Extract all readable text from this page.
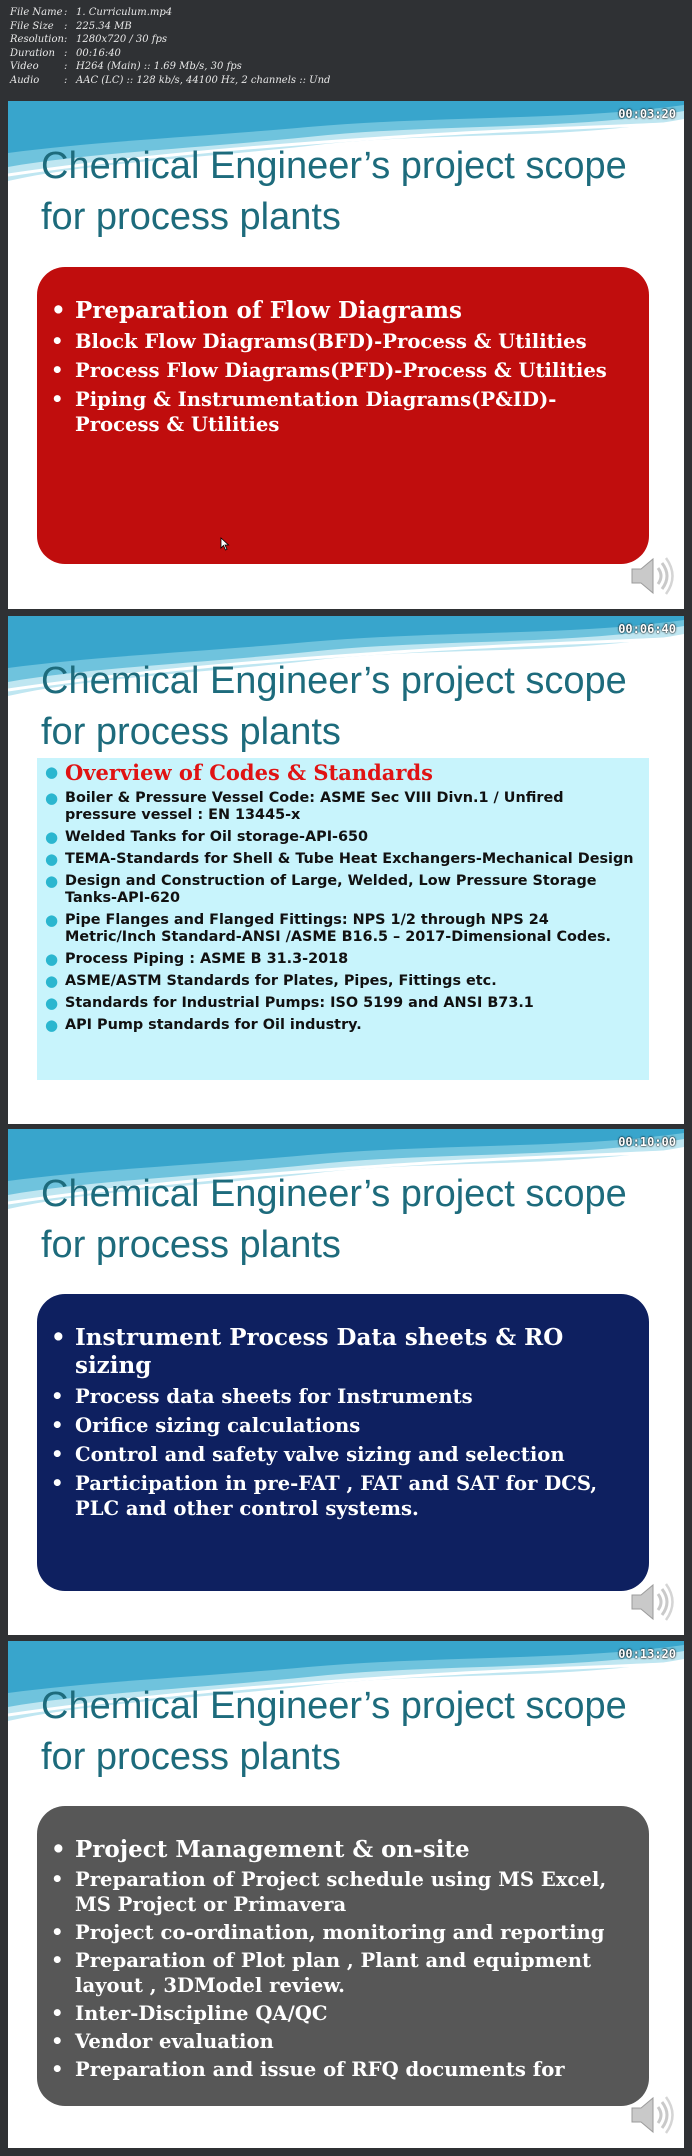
File Name : 1. Curriculum.mp4
File Size	: 225.34 MB
Resolution : 1280x720 / 30 fps
Duration : 00:16:40
Video	: H264 (Main) :: 1.69 Mb/s, 30 fps
Audio	: AAC (LC) :: 128 kb/s, 44100 Hz, 2 channels :: Und
00:03:20
Chemical Engineer’s project scope for process plants
• Preparation of Flow Diagrams
• Block Flow Diagrams(BFD)-Process & Utilities
• Process Flow Diagrams(PFD)-Process & Utilities
• Piping & Instrumentation Diagrams(P&ID)-Process & Utilities
00:06:40
Chemical Engineer’s project scope for process plants
● Overview of Codes & Standards
● Boiler & Pressure Vessel Code: ASME Sec VIII Divn.1 / Unfired pressure vessel : EN 13445-x
● Welded Tanks for Oil storage-API-650
● TEMA-Standards for Shell & Tube Heat Exchangers-Mechanical Design
● Design and Construction of Large, Welded, Low Pressure Storage Tanks-API-620
● Pipe Flanges and Flanged Fittings: NPS 1/2 through NPS 24 Metric/Inch Standard-ANSI /ASME B16.5 – 2017-Dimensional Codes.
● Process Piping : ASME B 31.3-2018
● ASME/ASTM Standards for Plates, Pipes, Fittings etc.
● Standards for Industrial Pumps: ISO 5199 and ANSI B73.1
● API Pump standards for Oil industry.
00:10:00
Chemical Engineer’s project scope for process plants
• Instrument Process Data sheets & RO sizing
• Process data sheets for Instruments
• Orifice sizing calculations
• Control and safety valve sizing and selection
• Participation in pre-FAT , FAT and SAT for DCS, PLC and other control systems.
00:13:20
Chemical Engineer’s project scope for process plants
• Project Management & on-site
• Preparation of Project schedule using MS Excel, MS Project or Primavera
• Project co-ordination, monitoring and reporting
• Preparation of Plot plan , Plant and equipment layout , 3DModel review.
• Inter-Discipline QA/QC
• Vendor evaluation
• Preparation and issue of RFQ documents for
